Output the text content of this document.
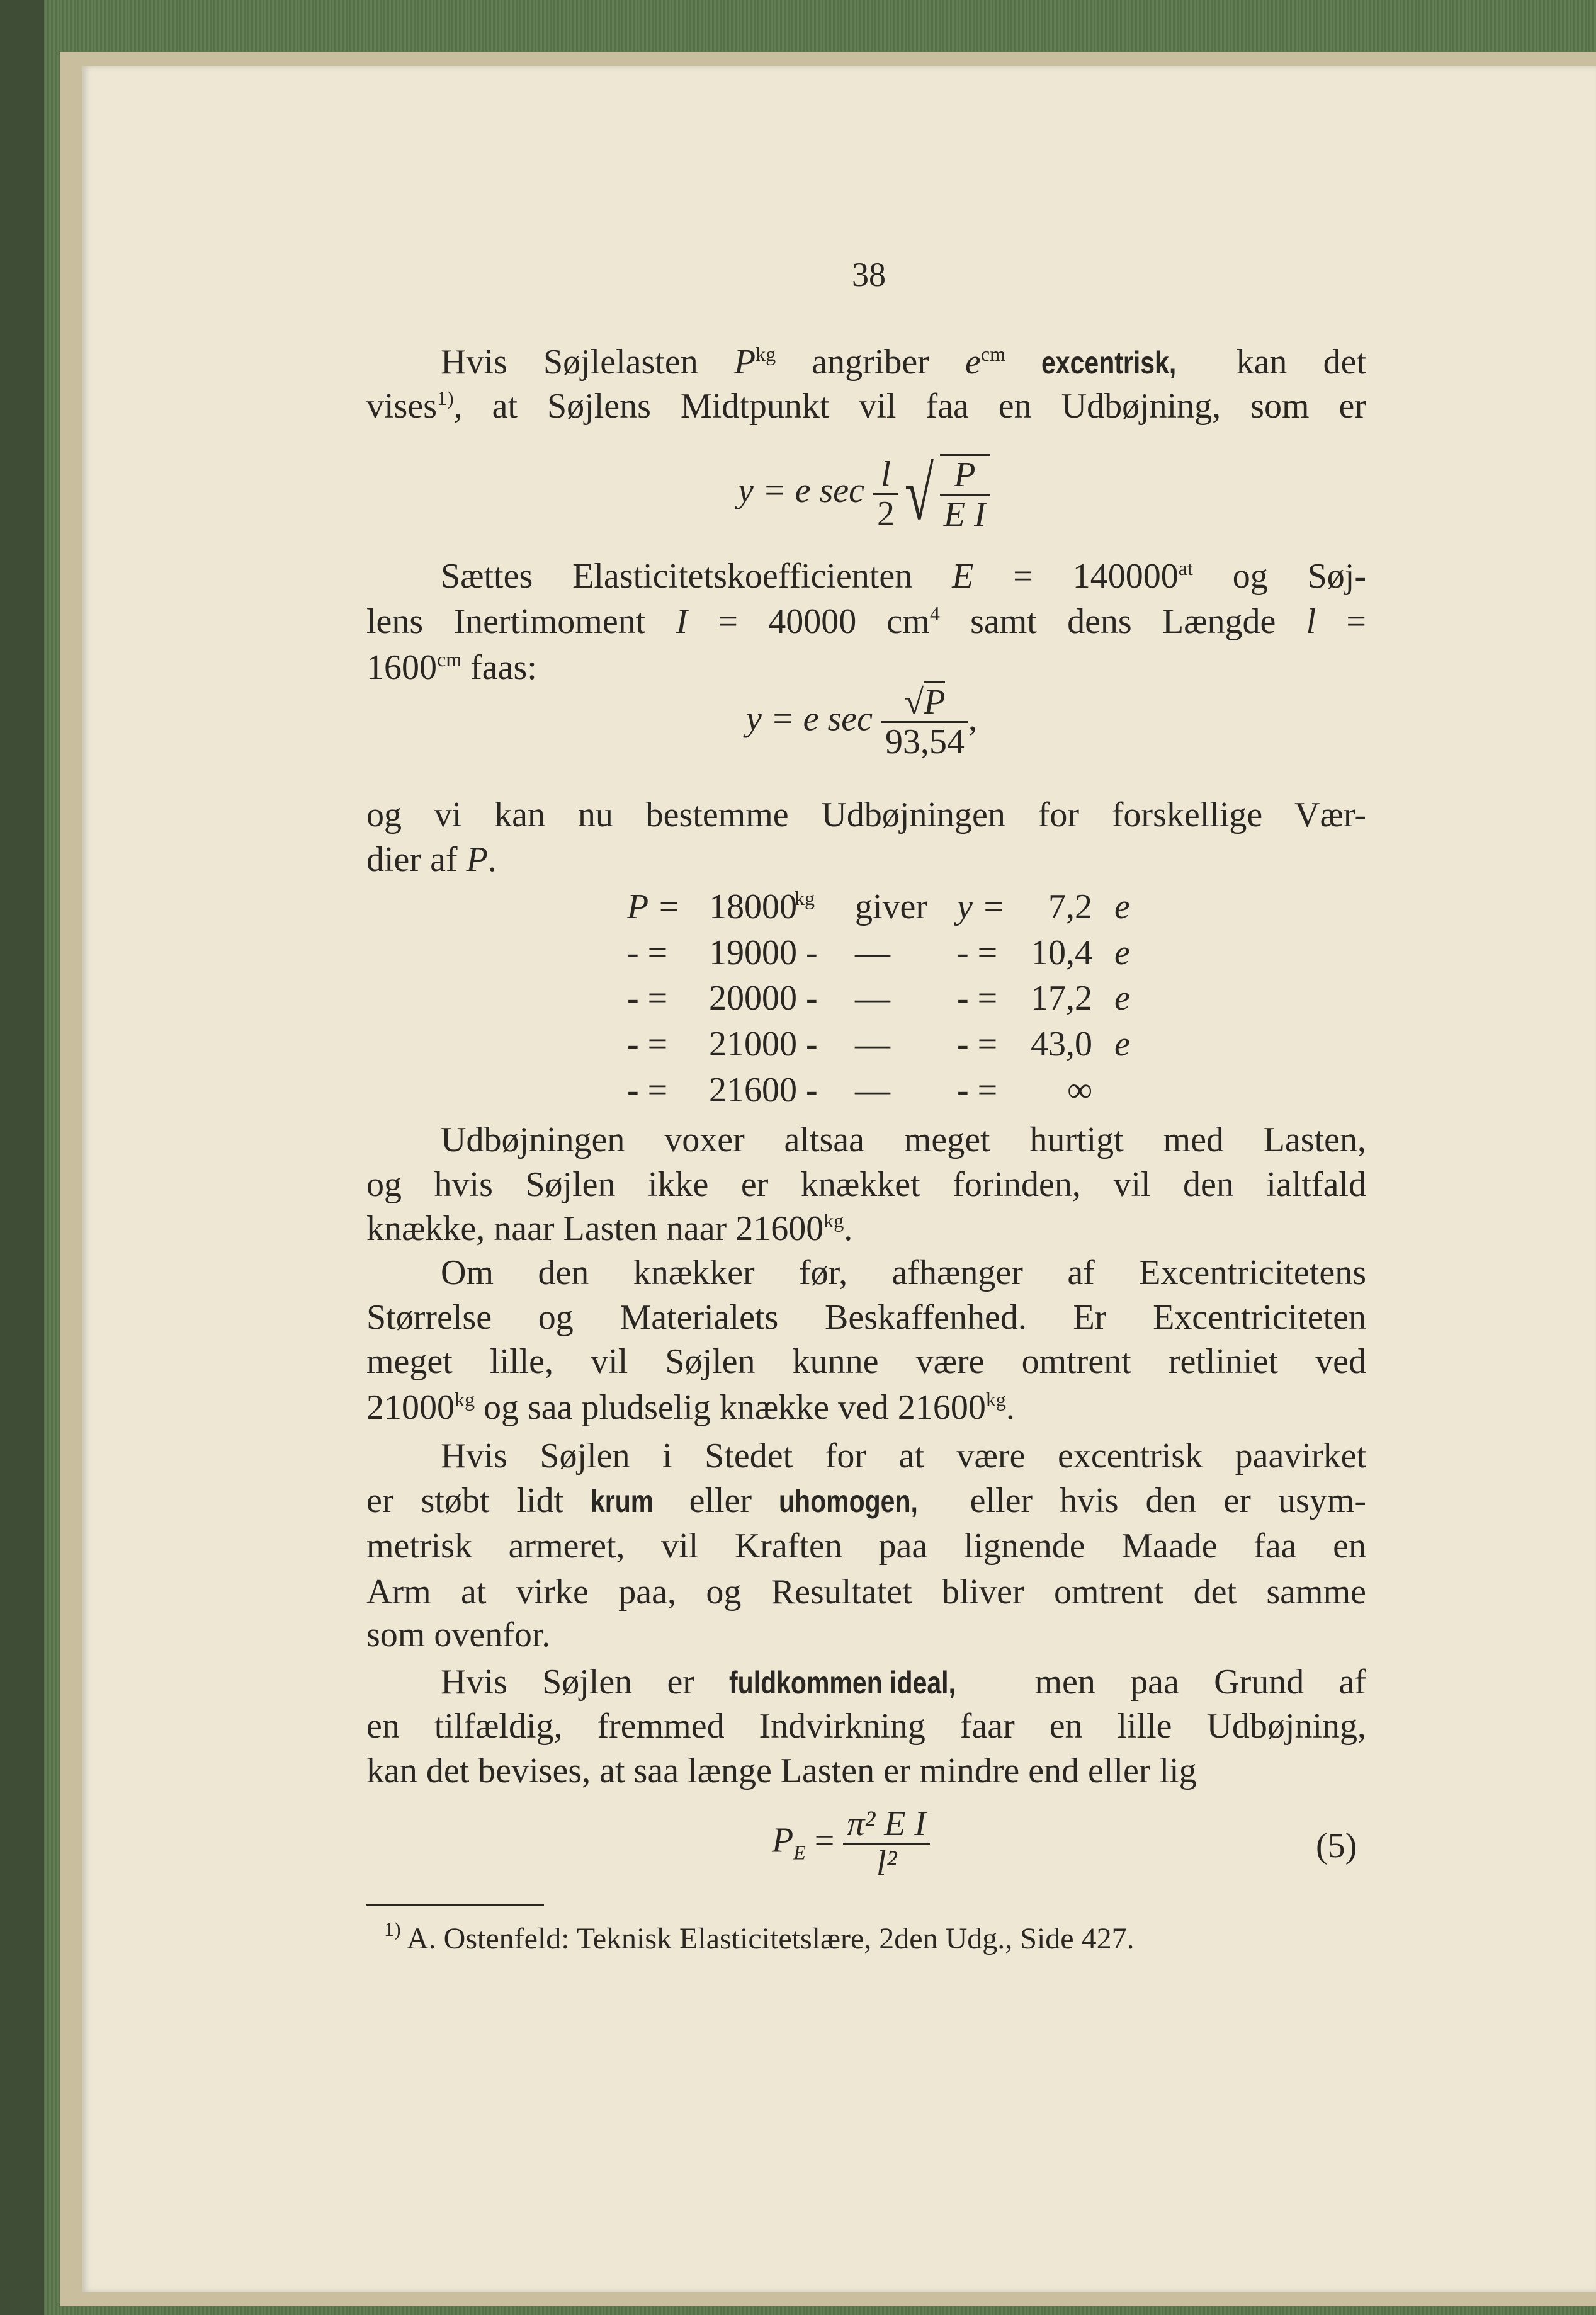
38
Hvis Søjlelasten $P^{kg}$ angriber $e^{cm}$ excentrisk, kan det
vises$^{1)}$, at Søjlens Midtpunkt vil faa en Udbøjning, som er
Sættes Elasticitetskoefficienten $E = 140000^{at}$ og Søj-
lens Inertimoment I = 40000 $cm^4$ samt dens Længde l =
$1600^{cm}$ faas:
og vi kan nu bestemme Udbøjningen for forskellige Vær-
dier af P.
Udbøjningen voxer altsaa meget hurtigt med Lasten,
og hvis Søjlen ikke er knækket forinden, vil den ialtfald
knække, naar Lasten naar $21600^{kg}$.
Om den knækker før, afhænger af Excentricitetens
Størrelse og Materialets Beskaffenhed. Er Excentriciteten
meget lille, vil Søjlen kunne være omtrent retliniet ved
$21000^{kg}$ og saa pludselig knække ved $21600^{kg}$.
Hvis Søjlen i Stedet for at være excentrisk paavirket
er støbt lidt krum eller uhomogen, eller hvis den er usym-
metrisk armeret, vil Kraften paa lignende Maade faa en
Arm at virke paa, og Resultatet bliver omtrent det samme
som ovenfor.
Hvis Søjlen er fuldkommen ideal, men paa Grund af
en tilfældig, fremmed Indvirkning faar en lille Udbøjning,
kan det bevises, at saa længe Lasten er mindre end eller lig
y = e $\sec \frac{l}{2}$ √ $\frac{P}{\text{E I}}$
y = e $\sec \frac{√P}{93,54}$ ,
P = 18000
kg giver y = 7,2 e
- = 19000 - — - = 10,4 e
- = 20000 - — - = 17,2 e
- = 21000 - — - = 43,0 e
- = 21600 - — - = ∞
$P_E = \frac{\text{π² E I}}{\text{l²}}$	(5)
$^{1)}$ A. Ostenfeld: Teknisk Elasticitetslære, 2den Udg., Side 427.
